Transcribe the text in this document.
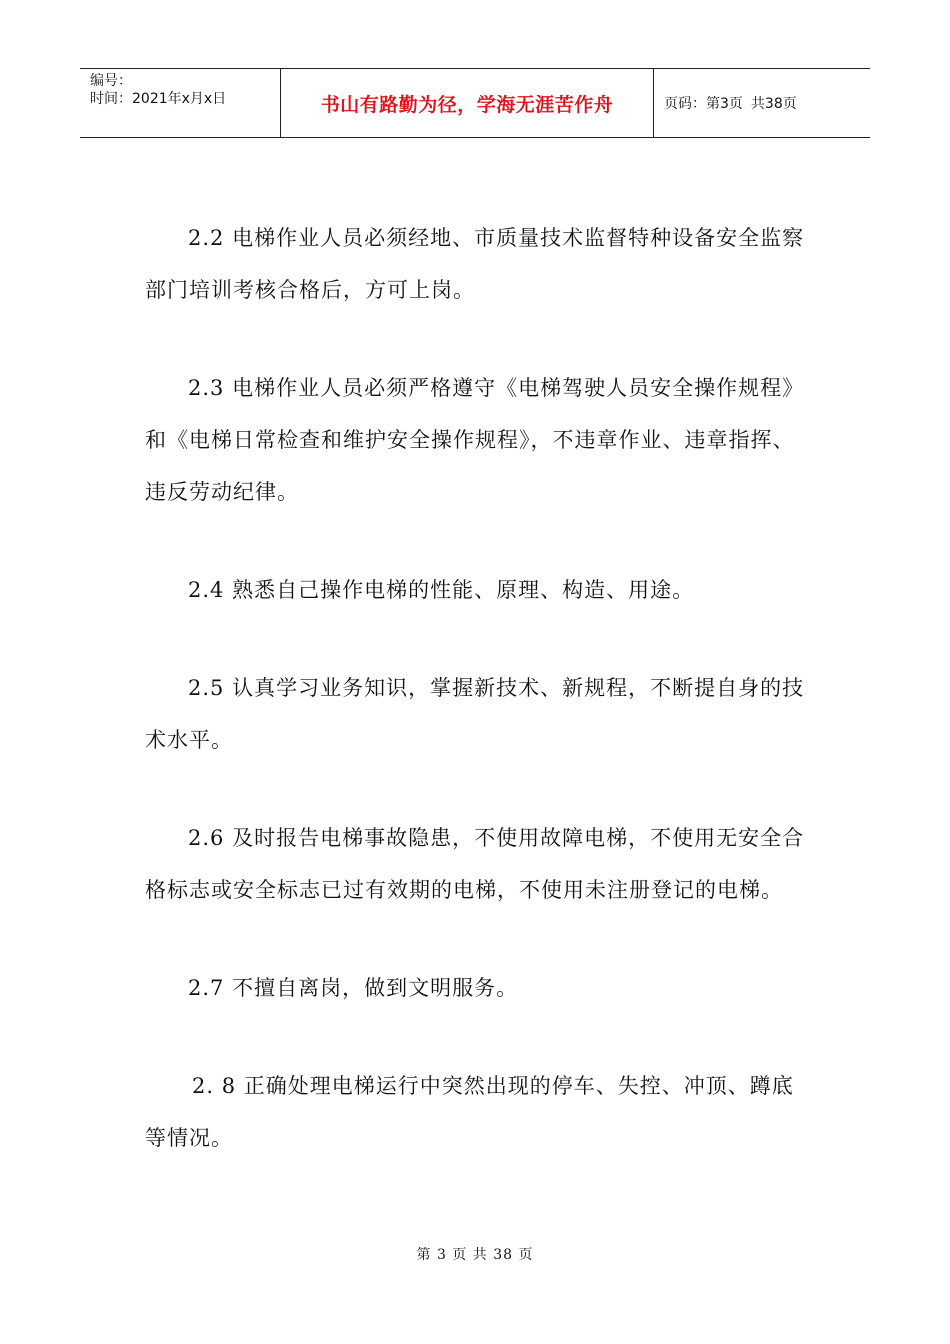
编号：
时间：2021年x月x日	书山有路勤为径，学海无涯苦作舟	页码：第3页 共38页

2.2 电梯作业人员必须经地、市质量技术监督特种设备安全监察
部门培训考核合格后，方可上岗。

2.3 电梯作业人员必须严格遵守《电梯驾驶人员安全操作规程》
和《电梯日常检查和维护安全操作规程》，不违章作业、违章指挥、
违反劳动纪律。

2.4 熟悉自己操作电梯的性能、原理、构造、用途。

2.5 认真学习业务知识，掌握新技术、新规程，不断提自身的技
术水平。

2.6 及时报告电梯事故隐患，不使用故障电梯，不使用无安全合
格标志或安全标志已过有效期的电梯，不使用未注册登记的电梯。

2.7 不擅自离岗，做到文明服务。

2. 8 正确处理电梯运行中突然出现的停车、失控、冲顶、蹲底
等情况。

第 3 页 共 38 页
